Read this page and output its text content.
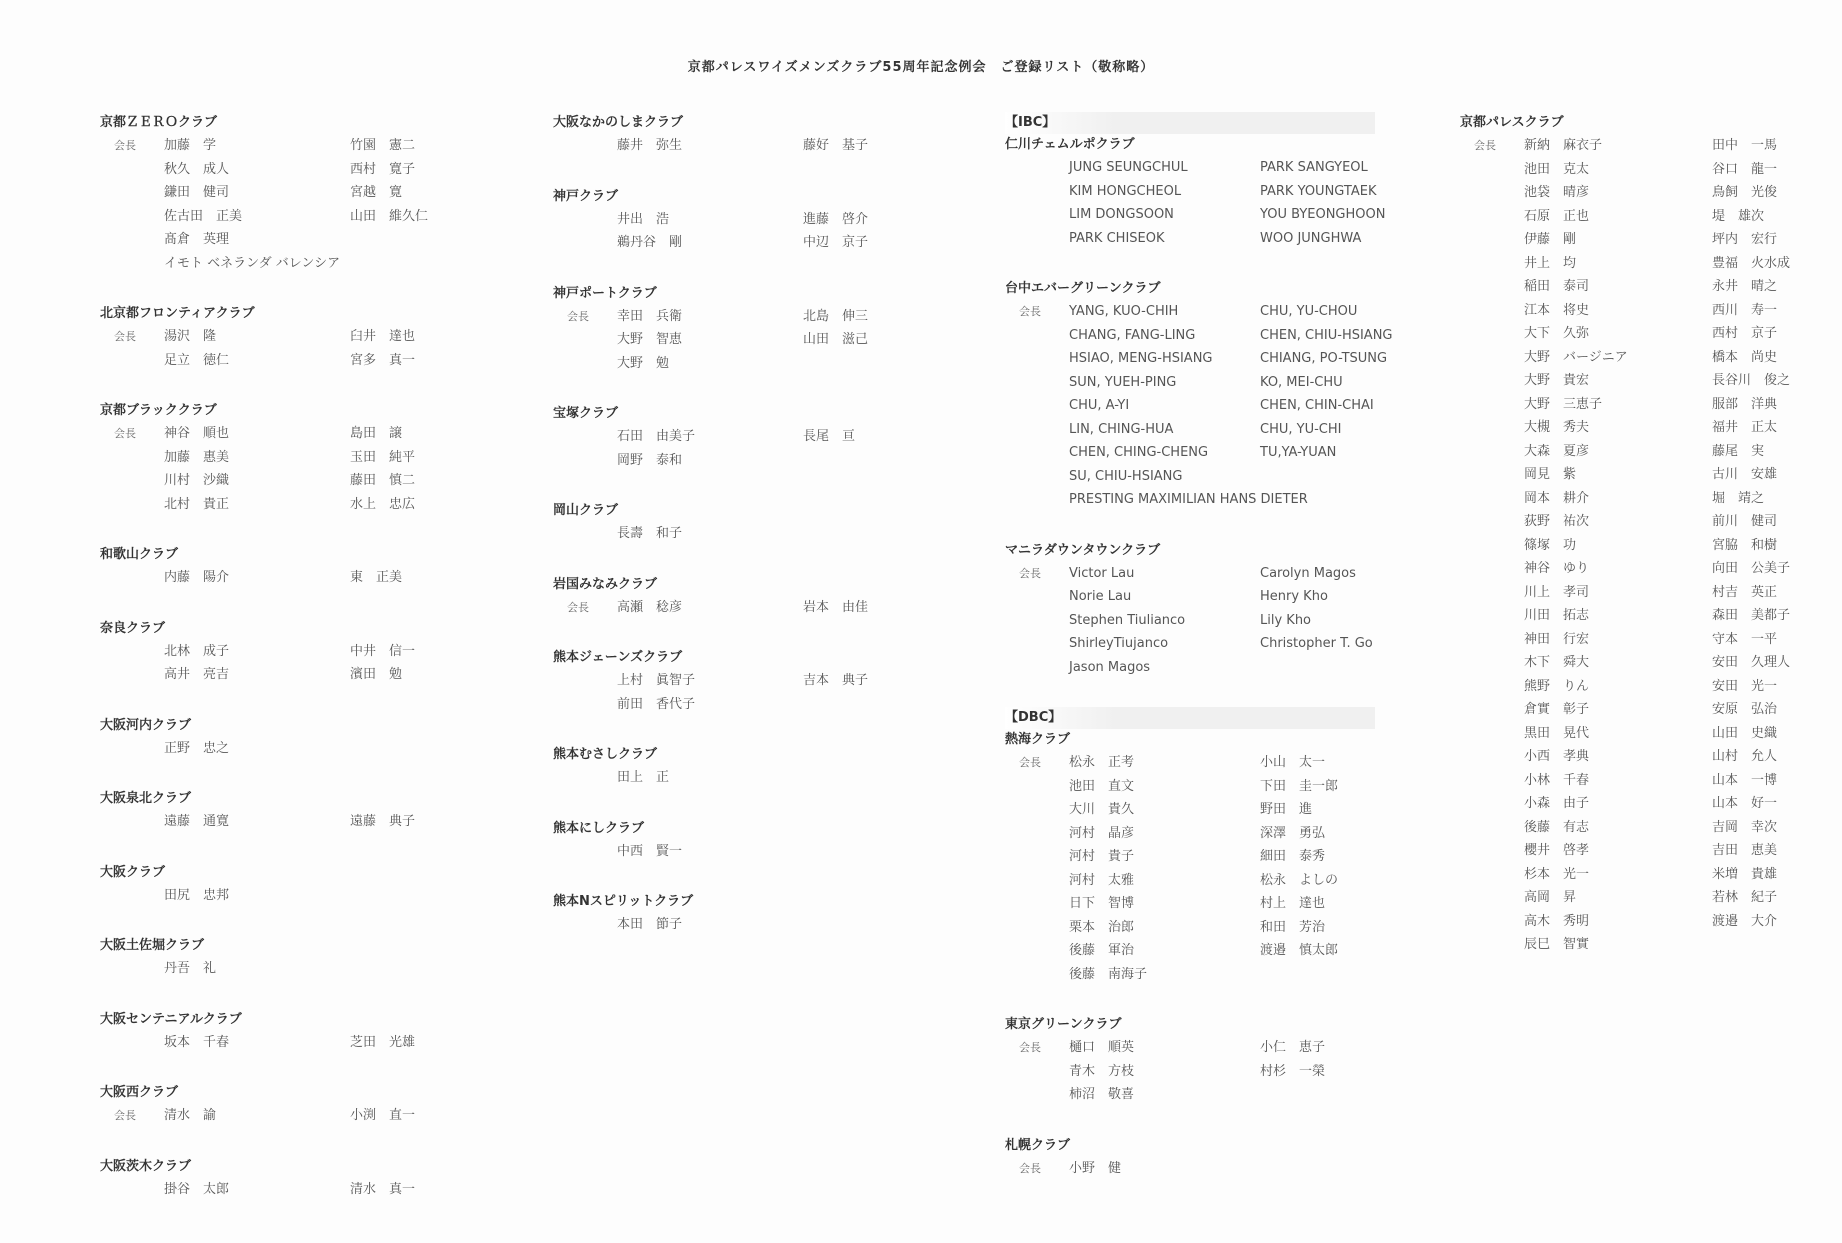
京都パレスワイズメンズクラブ55周年記念例会　ご登録リスト（敬称略）
京都ＺＥＲＯクラブ
会長 加藤　学	竹園　憲二
秋久　成人	西村　寛子
鎌田　健司	宮越　寛
佐古田　正美	山田　維久仁
髙倉　英理
イモト ベネランダ バレンシア
北京都フロンティアクラブ
会長 湯沢　隆	臼井　達也
足立　徳仁	宮多　真一
京都ブラッククラブ
会長 神谷　順也	島田　譲
加藤　惠美	玉田　純平
川村　沙織	藤田　慎二
北村　貴正	水上　忠広
和歌山クラブ
内藤　陽介	東　正美
奈良クラブ
北林　成子	中井　信一
高井　亮吉	濱田　勉
大阪河内クラブ
正野　忠之
大阪泉北クラブ
遠藤　通寛	遠藤　典子
大阪クラブ
田尻　忠邦
大阪土佐堀クラブ
丹吾　礼
大阪センテニアルクラブ
坂本　千春	芝田　光雄
大阪西クラブ
会長 清水　諭	小渕　直一
大阪茨木クラブ
掛谷　太郎	清水　真一
大阪なかのしまクラブ
藤井　弥生	藤好　基子
神戸クラブ
井出　浩	進藤　啓介
鵜丹谷　剛	中辺　京子
神戸ポートクラブ
会長 幸田　兵衛	北島　伸三
大野　智恵	山田　滋己
大野　勉
宝塚クラブ
石田　由美子	長尾　亘
岡野　泰和
岡山クラブ
長壽　和子
岩国みなみクラブ
会長 高瀬　稔彦	岩本　由佳
熊本ジェーンズクラブ
上村　眞智子	吉本　典子
前田　香代子
熊本むさしクラブ
田上　正
熊本にしクラブ
中西　賢一
熊本Nスピリットクラブ
本田　節子
【IBC】
仁川チェムルポクラブ
JUNG SEUNGCHUL	PARK SANGYEOL
KIM HONGCHEOL	PARK YOUNGTAEK
LIM DONGSOON	YOU BYEONGHOON
PARK CHISEOK	WOO JUNGHWA
台中エバーグリーンクラブ
会長 YANG, KUO-CHIH	CHU, YU-CHOU
CHANG, FANG-LING	CHEN, CHIU-HSIANG
HSIAO, MENG-HSIANG	CHIANG, PO-TSUNG
SUN, YUEH-PING	KO, MEI-CHU
CHU, A-YI	CHEN, CHIN-CHAI
LIN, CHING-HUA	CHU, YU-CHI
CHEN, CHING-CHENG	TU,YA-YUAN
SU, CHIU-HSIANG
PRESTING MAXIMILIAN HANS DIETER
マニラダウンタウンクラブ
会長 Victor Lau	Carolyn Magos
Norie Lau	Henry Kho
Stephen Tiulianco	Lily Kho
ShirleyTiujanco	Christopher T. Go
Jason Magos
【DBC】
熱海クラブ
会長 松永　正考	小山　太一
池田　直文	下田　圭一郎
大川　貴久	野田　進
河村　晶彦	深澤　勇弘
河村　貴子	細田　泰秀
河村　太雅	松永　よしの
日下　智博	村上　達也
栗本　治郎	和田　芳治
後藤　軍治	渡邉　慎太郎
後藤　南海子
東京グリーンクラブ
会長 樋口　順英	小仁　恵子
青木　方枝	村杉　一榮
柿沼　敬喜
札幌クラブ
会長 小野　健
京都パレスクラブ
会長 新納　麻衣子	田中　一馬
池田　克太	谷口　龍一
池袋　晴彦	鳥飼　光俊
石原　正也	堤　雄次
伊藤　剛	坪内　宏行
井上　均	豊福　火水成
稲田　泰司	永井　晴之
江本　将史	西川　寿一
大下　久弥	西村　京子
大野　バージニア	橋本　尚史
大野　貴宏	長谷川　俊之
大野　三恵子	服部　洋典
大槻　秀夫	福井　正太
大森　夏彦	藤尾　実
岡見　紫	古川　安雄
岡本　耕介	堀　靖之
荻野　祐次	前川　健司
篠塚　功	宮脇　和樹
神谷　ゆり	向田　公美子
川上　孝司	村吉　英正
川田　拓志	森田　美都子
神田　行宏	守本　一平
木下　舜大	安田　久理人
熊野　りん	安田　光一
倉實　彰子	安原　弘治
黒田　晃代	山田　史織
小西　孝典	山村　允人
小林　千春	山本　一博
小森　由子	山本　好一
後藤　有志	吉岡　幸次
櫻井　啓孝	吉田　恵美
杉本　光一	米増　貴雄
高岡　昇	若林　紀子
高木　秀明	渡邉　大介
辰巳　智實
